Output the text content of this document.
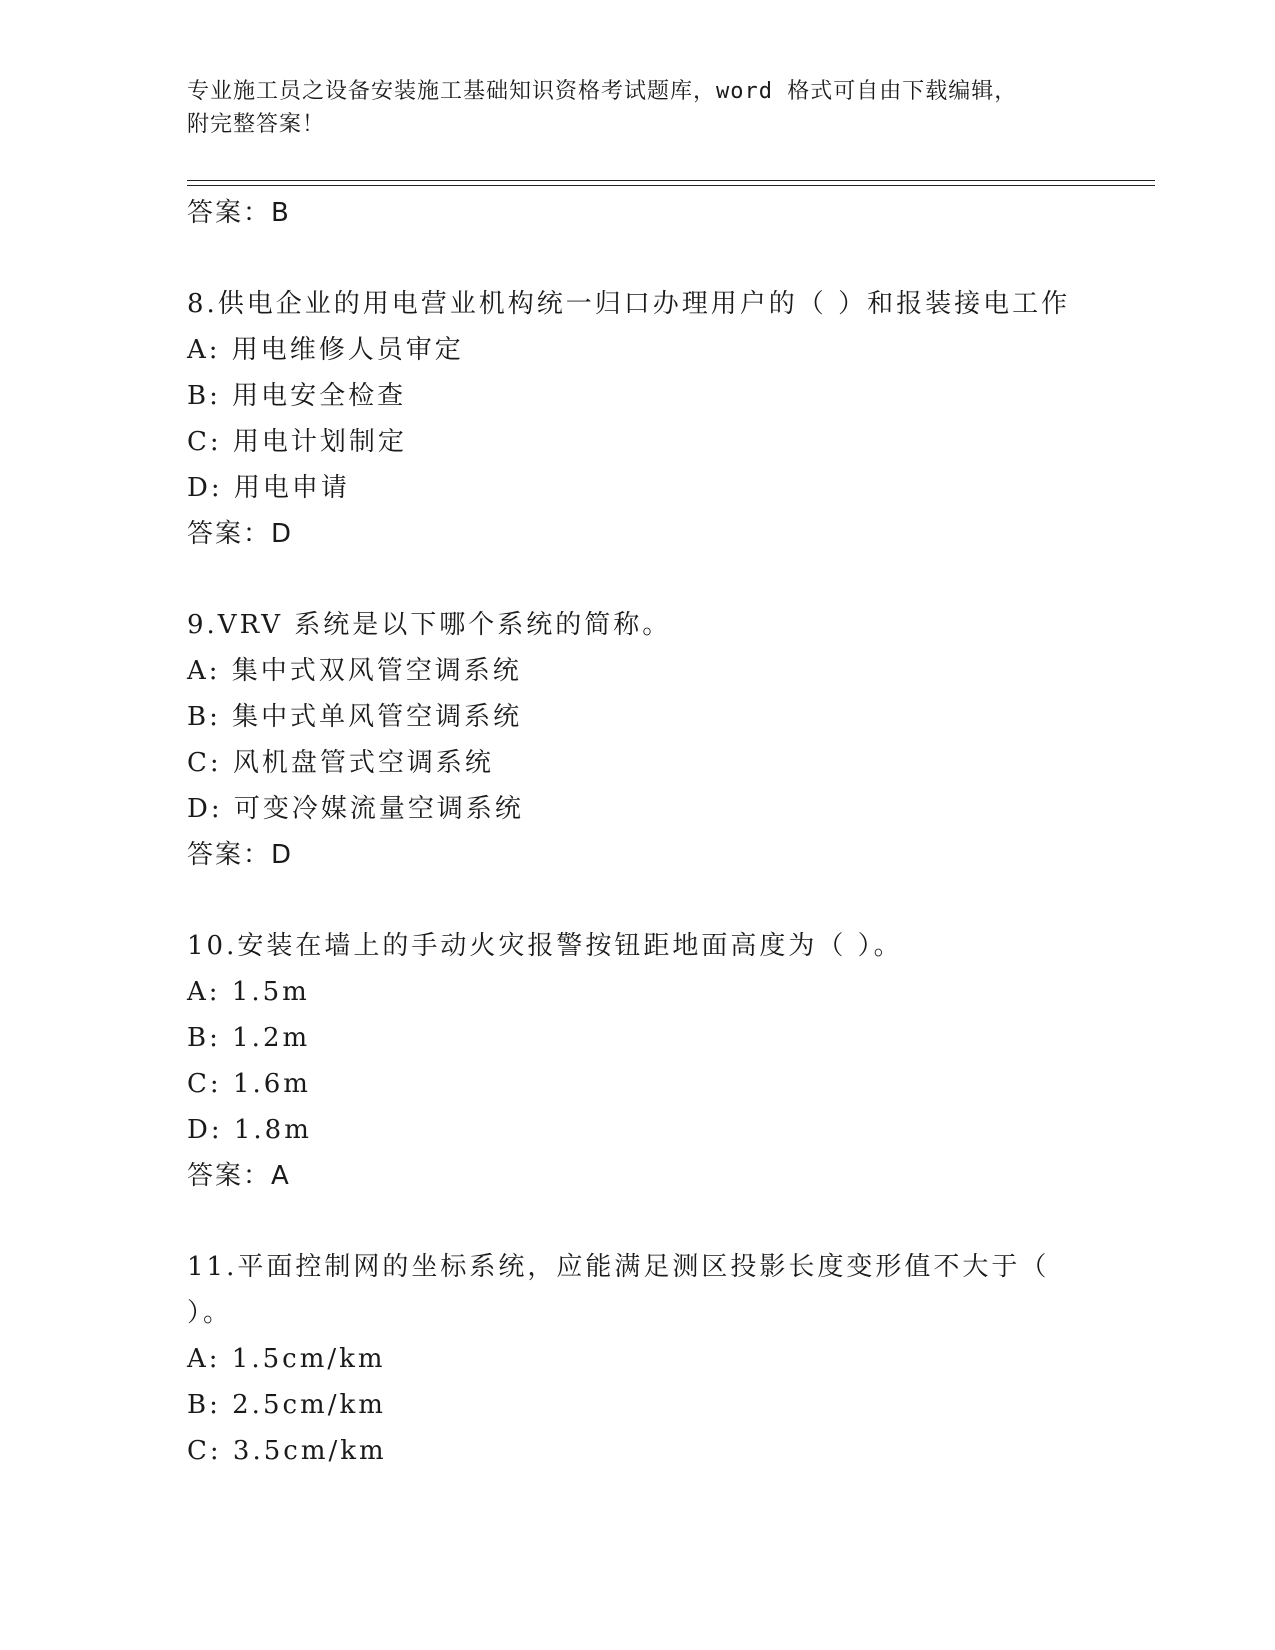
专业施工员之设备安装施工基础知识资格考试题库，word 格式可自由下载编辑，
附完整答案！
答案：B
8.供电企业的用电营业机构统一归口办理用户的（ ）和报装接电工作
A: 用电维修人员审定
B: 用电安全检查
C: 用电计划制定
D: 用电申请
答案：D
9.VRV 系统是以下哪个系统的简称。
A: 集中式双风管空调系统
B: 集中式单风管空调系统
C: 风机盘管式空调系统
D: 可变冷媒流量空调系统
答案：D
10.安装在墙上的手动火灾报警按钮距地面高度为（ ）。
A: 1.5m
B: 1.2m
C: 1.6m
D: 1.8m
答案：A
11.平面控制网的坐标系统，应能满足测区投影长度变形值不大于（
）。
A: 1.5cm/km
B: 2.5cm/km
C: 3.5cm/km
